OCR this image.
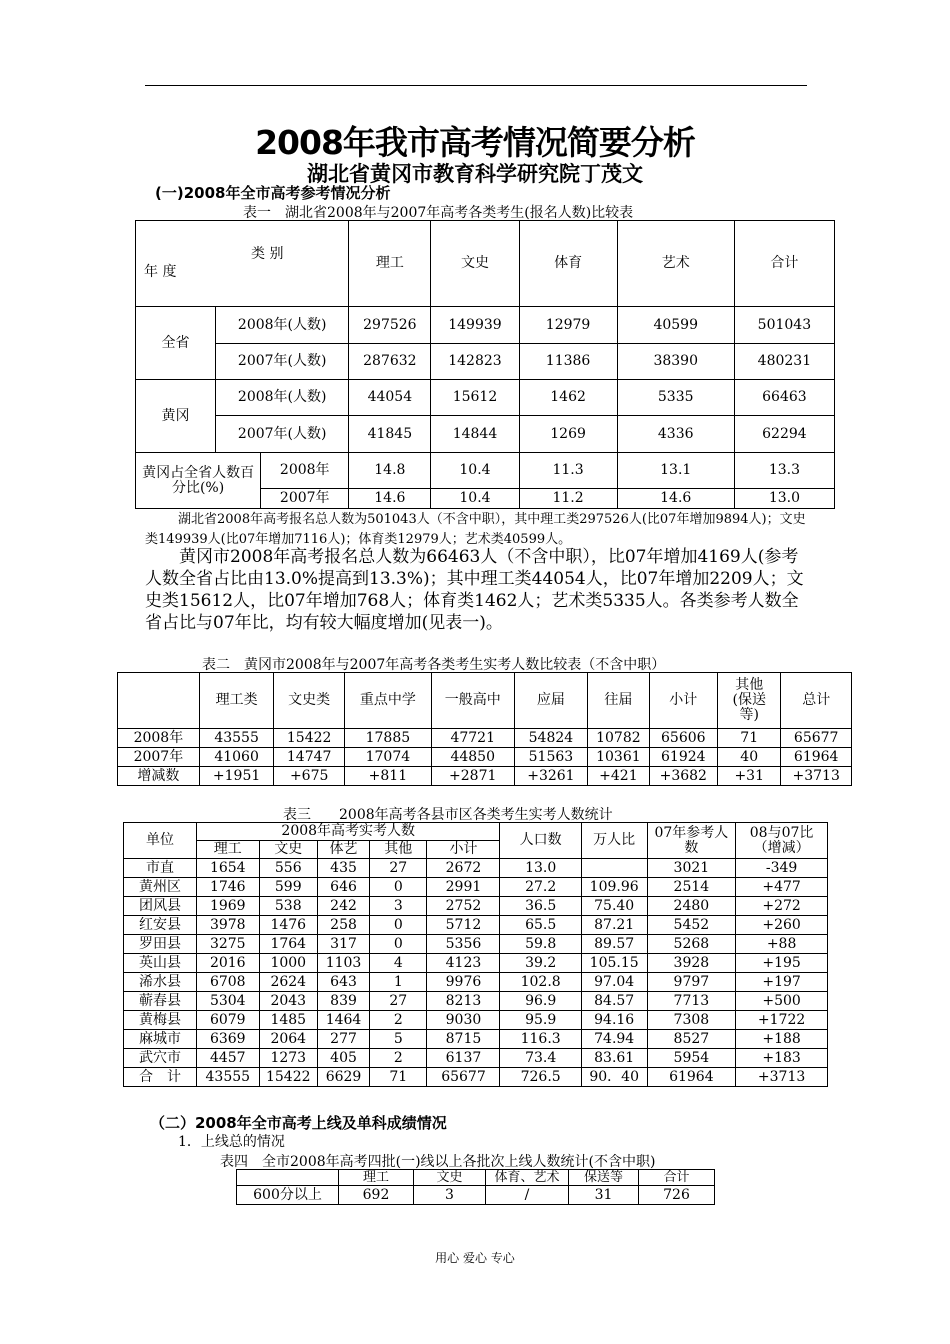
2008年我市高考情况简要分析
湖北省黄冈市教育科学研究院丁茂文
(一)2008年全市高考参考情况分析
表一　湖北省2008年与2007年高考各类考生(报名人数)比较表
类 别
年 度			理工	文史	体育	艺术	合计
全省	2008年(人数)		297526	149939	12979	40599	501043
	2007年(人数)		287632	142823	11386	38390	480231
黄冈	2008年(人数)		44054	15612	1462	5335	66463
	2007年(人数)		41845	14844	1269	4336	62294
黄冈占全省人数百分比(%)		2008年	14.8	10.4	11.3	13.1	13.3
		2007年	14.6	10.4	11.2	14.6	13.0
湖北省2008年高考报名总人数为501043人（不含中职），其中理工类297526人(比07年增加9894人)；文史类149939人(比07年增加7116人)；体育类12979人；艺术类40599人。
黄冈市2008年高考报名总人数为66463人（不含中职），比07年增加4169人(参考人数全省占比由13.0%提高到13.3%)；其中理工类44054人，比07年增加2209人；文史类15612人，比07年增加768人；体育类1462人；艺术类5335人。各类参考人数全省占比与07年比，均有较大幅度增加(见表一)。
表二　黄冈市2008年与2007年高考各类考生实考人数比较表（不含中职）
	理工类	文史类	重点中学	一般高中	应届	往届	小计	其他(保送等)	总计
2008年	43555	15422	17885	47721	54824	10782	65606	71	65677
2007年	41060	14747	17074	44850	51563	10361	61924	40	61964
增减数	+1951	+675	+811	+2871	+3261	+421	+3682	+31	+3713
表三　　2008年高考各县市区各类考生实考人数统计
单位	2008年高考实考人数					人口数	万人比	07年参考人数	08与07比（增减）
	理工	文史	体艺	其他	小计				
市直	1654	556	435	27	2672	13.0		3021	-349
黄州区	1746	599	646	0	2991	27.2	109.96	2514	+477
团风县	1969	538	242	3	2752	36.5	75.40	2480	+272
红安县	3978	1476	258	0	5712	65.5	87.21	5452	+260
罗田县	3275	1764	317	0	5356	59.8	89.57	5268	+88
英山县	2016	1000	1103	4	4123	39.2	105.15	3928	+195
浠水县	6708	2624	643	1	9976	102.8	97.04	9797	+197
蕲春县	5304	2043	839	27	8213	96.9	84.57	7713	+500
黄梅县	6079	1485	1464	2	9030	95.9	94.16	7308	+1722
麻城市	6369	2064	277	5	8715	116.3	74.94	8527	+188
武穴市	4457	1273	405	2	6137	73.4	83.61	5954	+183
合　计	43555	15422	6629	71	65677	726.5	90．40	61964	+3713
（二）2008年全市高考上线及单科成绩情况
1．上线总的情况
表四　全市2008年高考四批(一)线以上各批次上线人数统计(不含中职)
	理工	文史	体育、艺术	保送等	合计
600分以上	692	3	/	31	726
用心 爱心 专心
